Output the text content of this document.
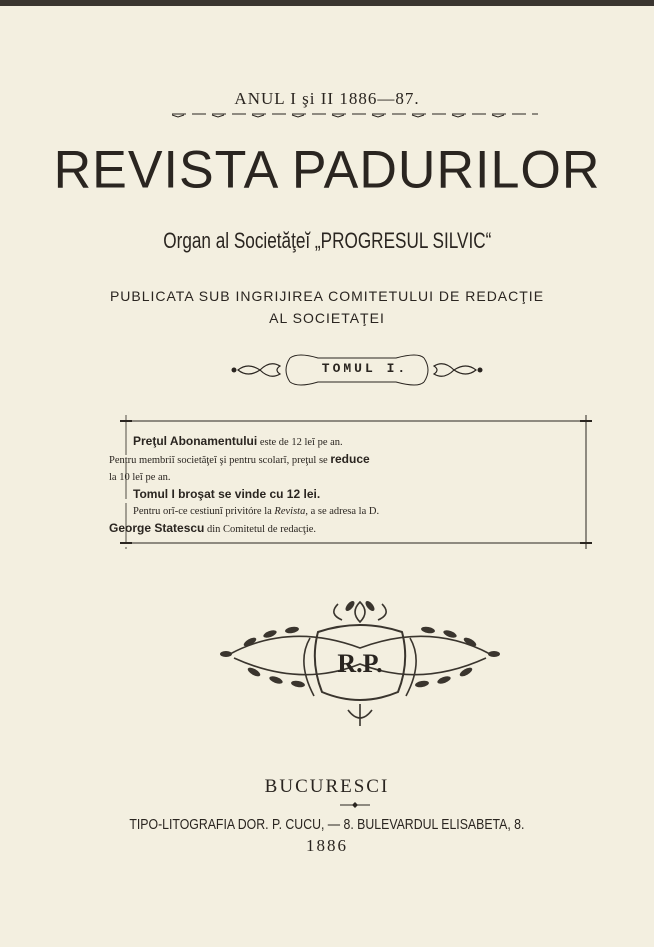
ANUL I şi II 1886—87.
REVISTA PADURILOR
Organ al Societăţeĭ „PROGRESUL SILVIC“
PUBLICATA SUB INGRIJIREA COMITETULUI DE REDACŢIE
AL SOCIETAŢEI
TOMUL I.
Preţul Abonamentului este de 12 leĭ pe an.
Pentru membriĭ societăţeĭ şi pentru scolarĭ, preţul se reduce
la 10 leĭ pe an.
Tomul I broşat se vinde cu 12 lei.
Pentru orĭ-ce cestiunĭ privitóre la Revista, a se adresa la D.
George Statescu din Comitetul de redacţie.
R.P.
BUCURESCI
TIPO-LITOGRAFIA DOR. P. CUCU, — 8. BULEVARDUL ELISABETA, 8.
1886
